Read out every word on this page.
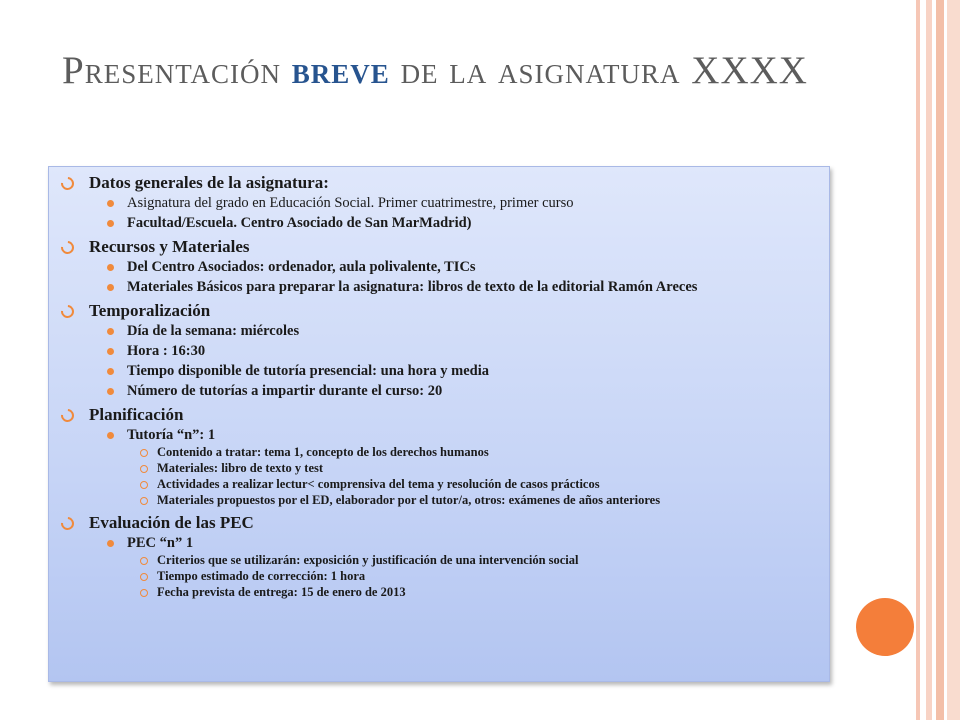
Presentación breve de la asignatura XXXX
Datos generales de la asignatura:
Asignatura del grado en Educación Social. Primer cuatrimestre, primer curso
Facultad/Escuela. Centro Asociado de San MarMadrid)
Recursos y Materiales
Del Centro Asociados: ordenador, aula polivalente, TICs
Materiales Básicos para preparar la asignatura: libros de texto de la editorial Ramón Areces
Temporalización
Día de la semana: miércoles
Hora : 16:30
Tiempo disponible de tutoría presencial: una hora y media
Número de tutorías a impartir durante el curso: 20
Planificación
Tutoría “n”: 1
Contenido a tratar: tema 1, concepto de los derechos humanos
Materiales: libro de texto y test
Actividades a realizar lectur< comprensiva del tema y resolución de casos prácticos
Materiales propuestos por el ED, elaborador por el tutor/a, otros: exámenes de años anteriores
Evaluación de las PEC
PEC “n” 1
Criterios que se utilizarán: exposición y justificación de una intervención social
Tiempo estimado de corrección: 1 hora
Fecha prevista de entrega: 15 de enero de 2013
